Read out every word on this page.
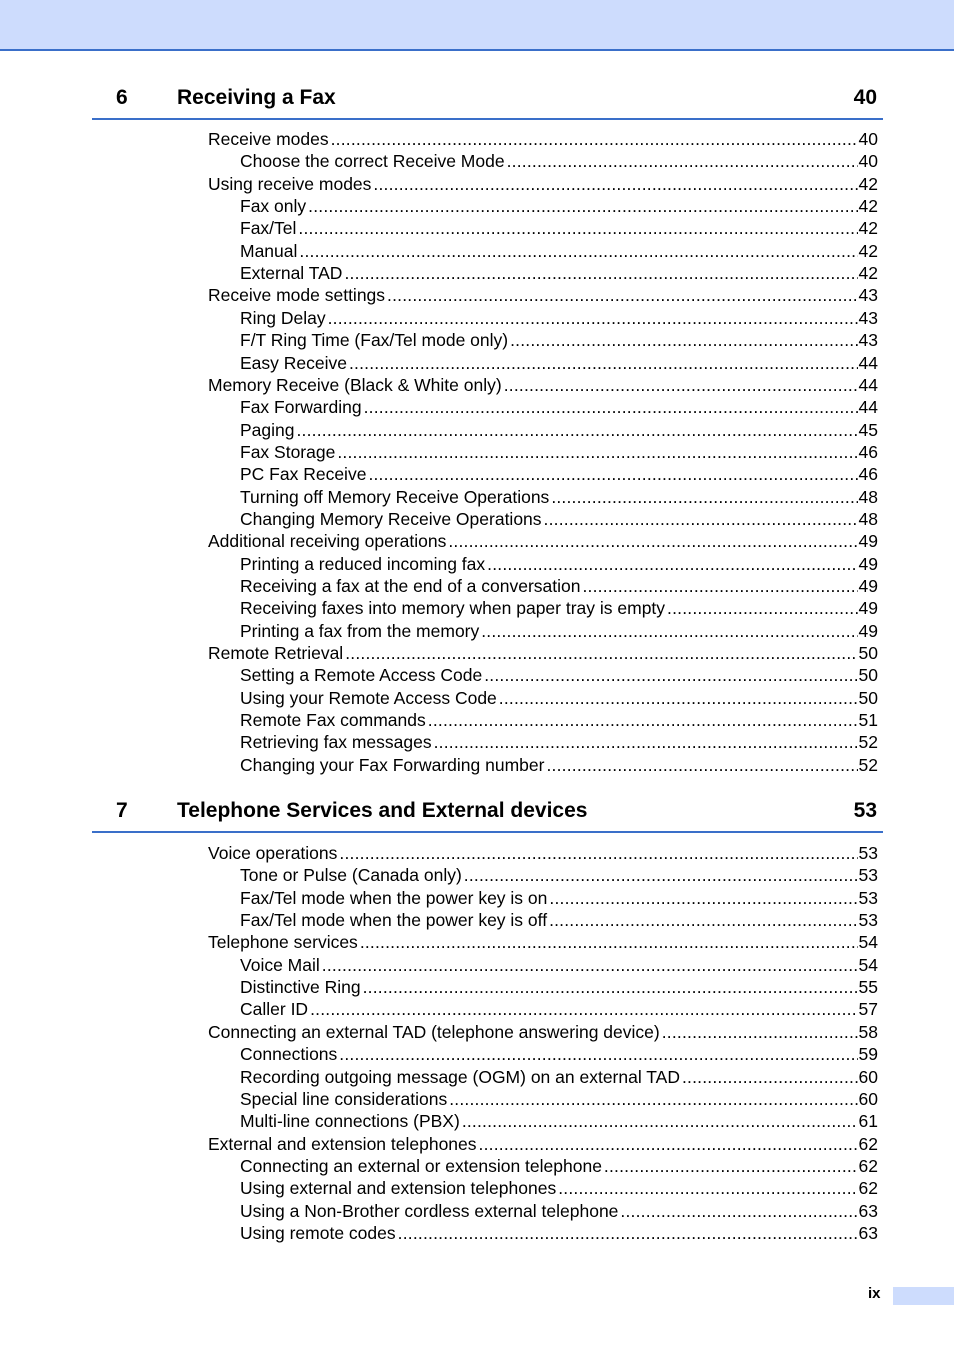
6 Receiving a Fax	40
Receive modes .....	40
Choose the correct Receive Mode .....	40
Using receive modes .....	42
Fax only .....	42
Fax/Tel .....	42
Manual .....	42
External TAD .....	42
Receive mode settings .....	43
Ring Delay .....	43
F/T Ring Time (Fax/Tel mode only) .....	43
Easy Receive .....	44
Memory Receive (Black & White only) .....	44
Fax Forwarding .....	44
Paging .....	45
Fax Storage .....	46
PC Fax Receive .....	46
Turning off Memory Receive Operations .....	48
Changing Memory Receive Operations .....	48
Additional receiving operations .....	49
Printing a reduced incoming fax .....	49
Receiving a fax at the end of a conversation .....	49
Receiving faxes into memory when paper tray is empty .....	49
Printing a fax from the memory .....	49
Remote Retrieval .....	50
Setting a Remote Access Code .....	50
Using your Remote Access Code .....	50
Remote Fax commands .....	51
Retrieving fax messages .....	52
Changing your Fax Forwarding number .....	52
7 Telephone Services and External devices	53
Voice operations .....	53
Tone or Pulse (Canada only) .....	53
Fax/Tel mode when the power key is on .....	53
Fax/Tel mode when the power key is off .....	53
Telephone services .....	54
Voice Mail .....	54
Distinctive Ring .....	55
Caller ID .....	57
Connecting an external TAD (telephone answering device) .....	58
Connections .....	59
Recording outgoing message (OGM) on an external TAD .....	60
Special line considerations .....	60
Multi-line connections (PBX) .....	61
External and extension telephones .....	62
Connecting an external or extension telephone .....	62
Using external and extension telephones .....	62
Using a Non-Brother cordless external telephone .....	63
Using remote codes .....	63
ix
